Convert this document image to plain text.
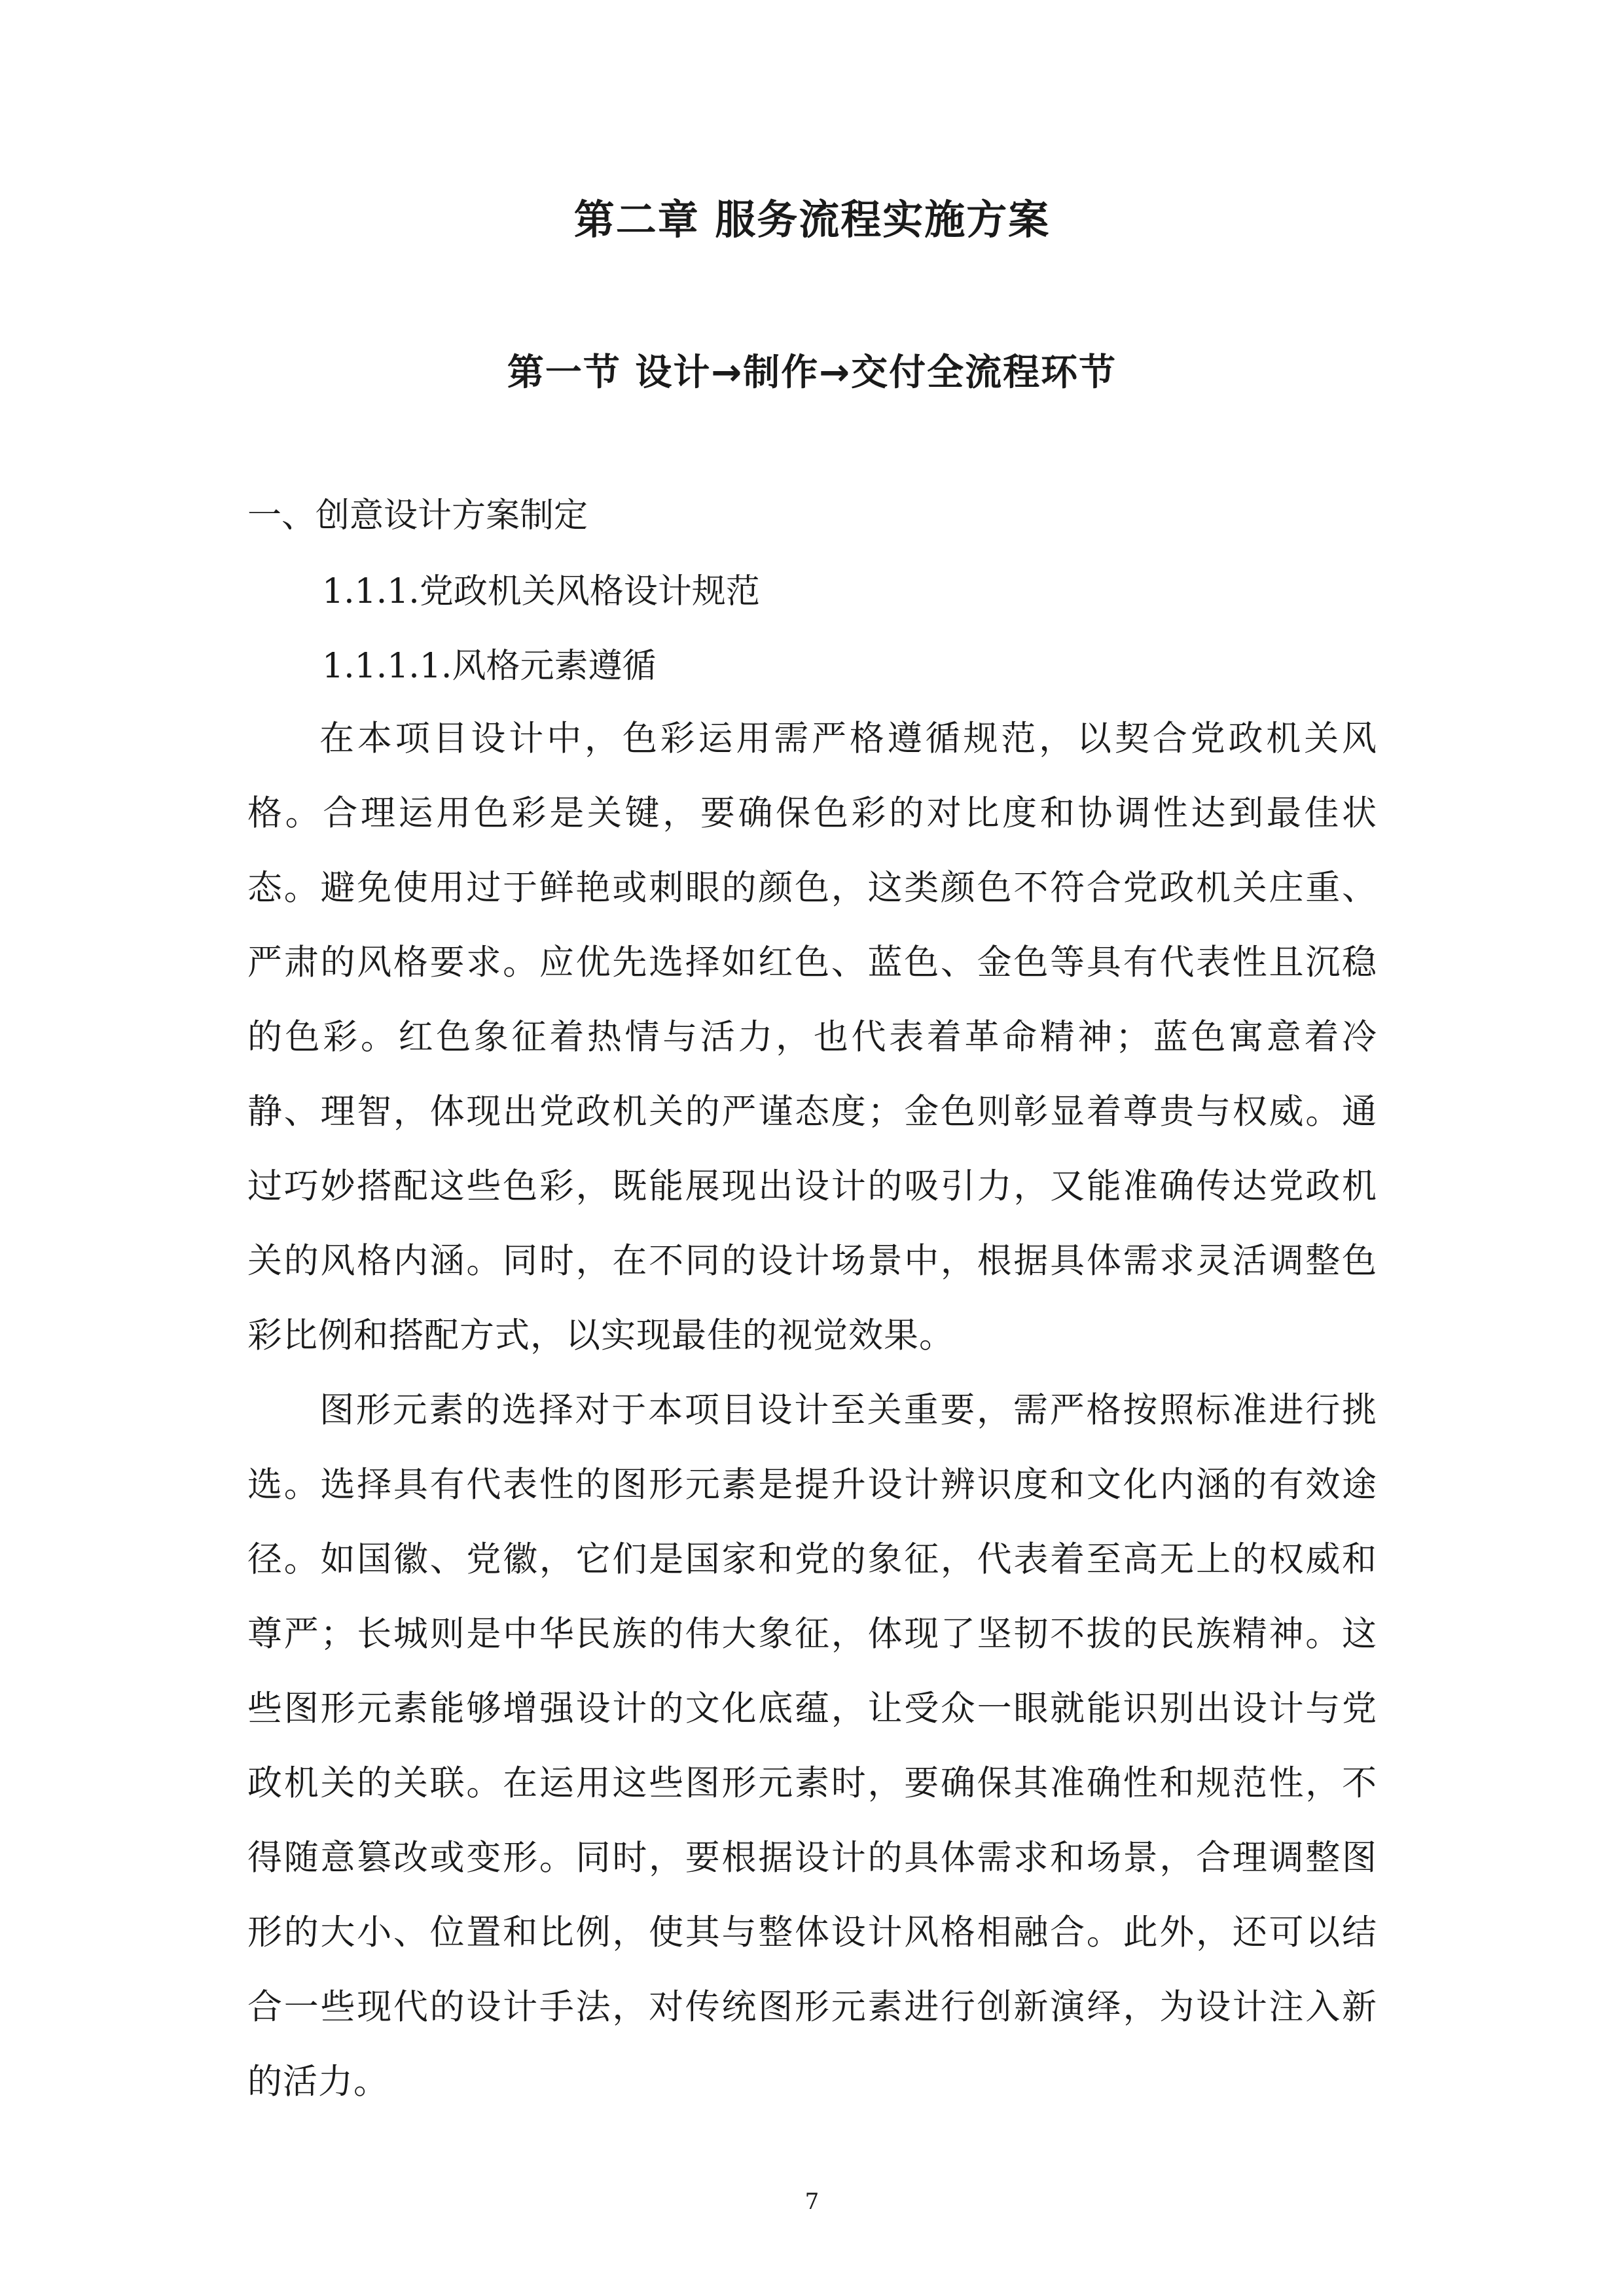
第二章 服务流程实施方案
第一节 设计→制作→交付全流程环节

一、创意设计方案制定

1.1.1.党政机关风格设计规范

1.1.1.1.风格元素遵循

在本项目设计中，色彩运用需严格遵循规范，以契合党政机关风格。合理运用色彩是关键，要确保色彩的对比度和协调性达到最佳状态。避免使用过于鲜艳或刺眼的颜色，这类颜色不符合党政机关庄重、严肃的风格要求。应优先选择如红色、蓝色、金色等具有代表性且沉稳的色彩。红色象征着热情与活力，也代表着革命精神；蓝色寓意着冷静、理智，体现出党政机关的严谨态度；金色则彰显着尊贵与权威。通过巧妙搭配这些色彩，既能展现出设计的吸引力，又能准确传达党政机关的风格内涵。同时，在不同的设计场景中，根据具体需求灵活调整色彩比例和搭配方式，以实现最佳的视觉效果。

图形元素的选择对于本项目设计至关重要，需严格按照标准进行挑选。选择具有代表性的图形元素是提升设计辨识度和文化内涵的有效途径。如国徽、党徽，它们是国家和党的象征，代表着至高无上的权威和尊严；长城则是中华民族的伟大象征，体现了坚韧不拔的民族精神。这些图形元素能够增强设计的文化底蕴，让受众一眼就能识别出设计与党政机关的关联。在运用这些图形元素时，要确保其准确性和规范性，不得随意篡改或变形。同时，要根据设计的具体需求和场景，合理调整图形的大小、位置和比例，使其与整体设计风格相融合。此外，还可以结合一些现代的设计手法，对传统图形元素进行创新演绎，为设计注入新的活力。

7
